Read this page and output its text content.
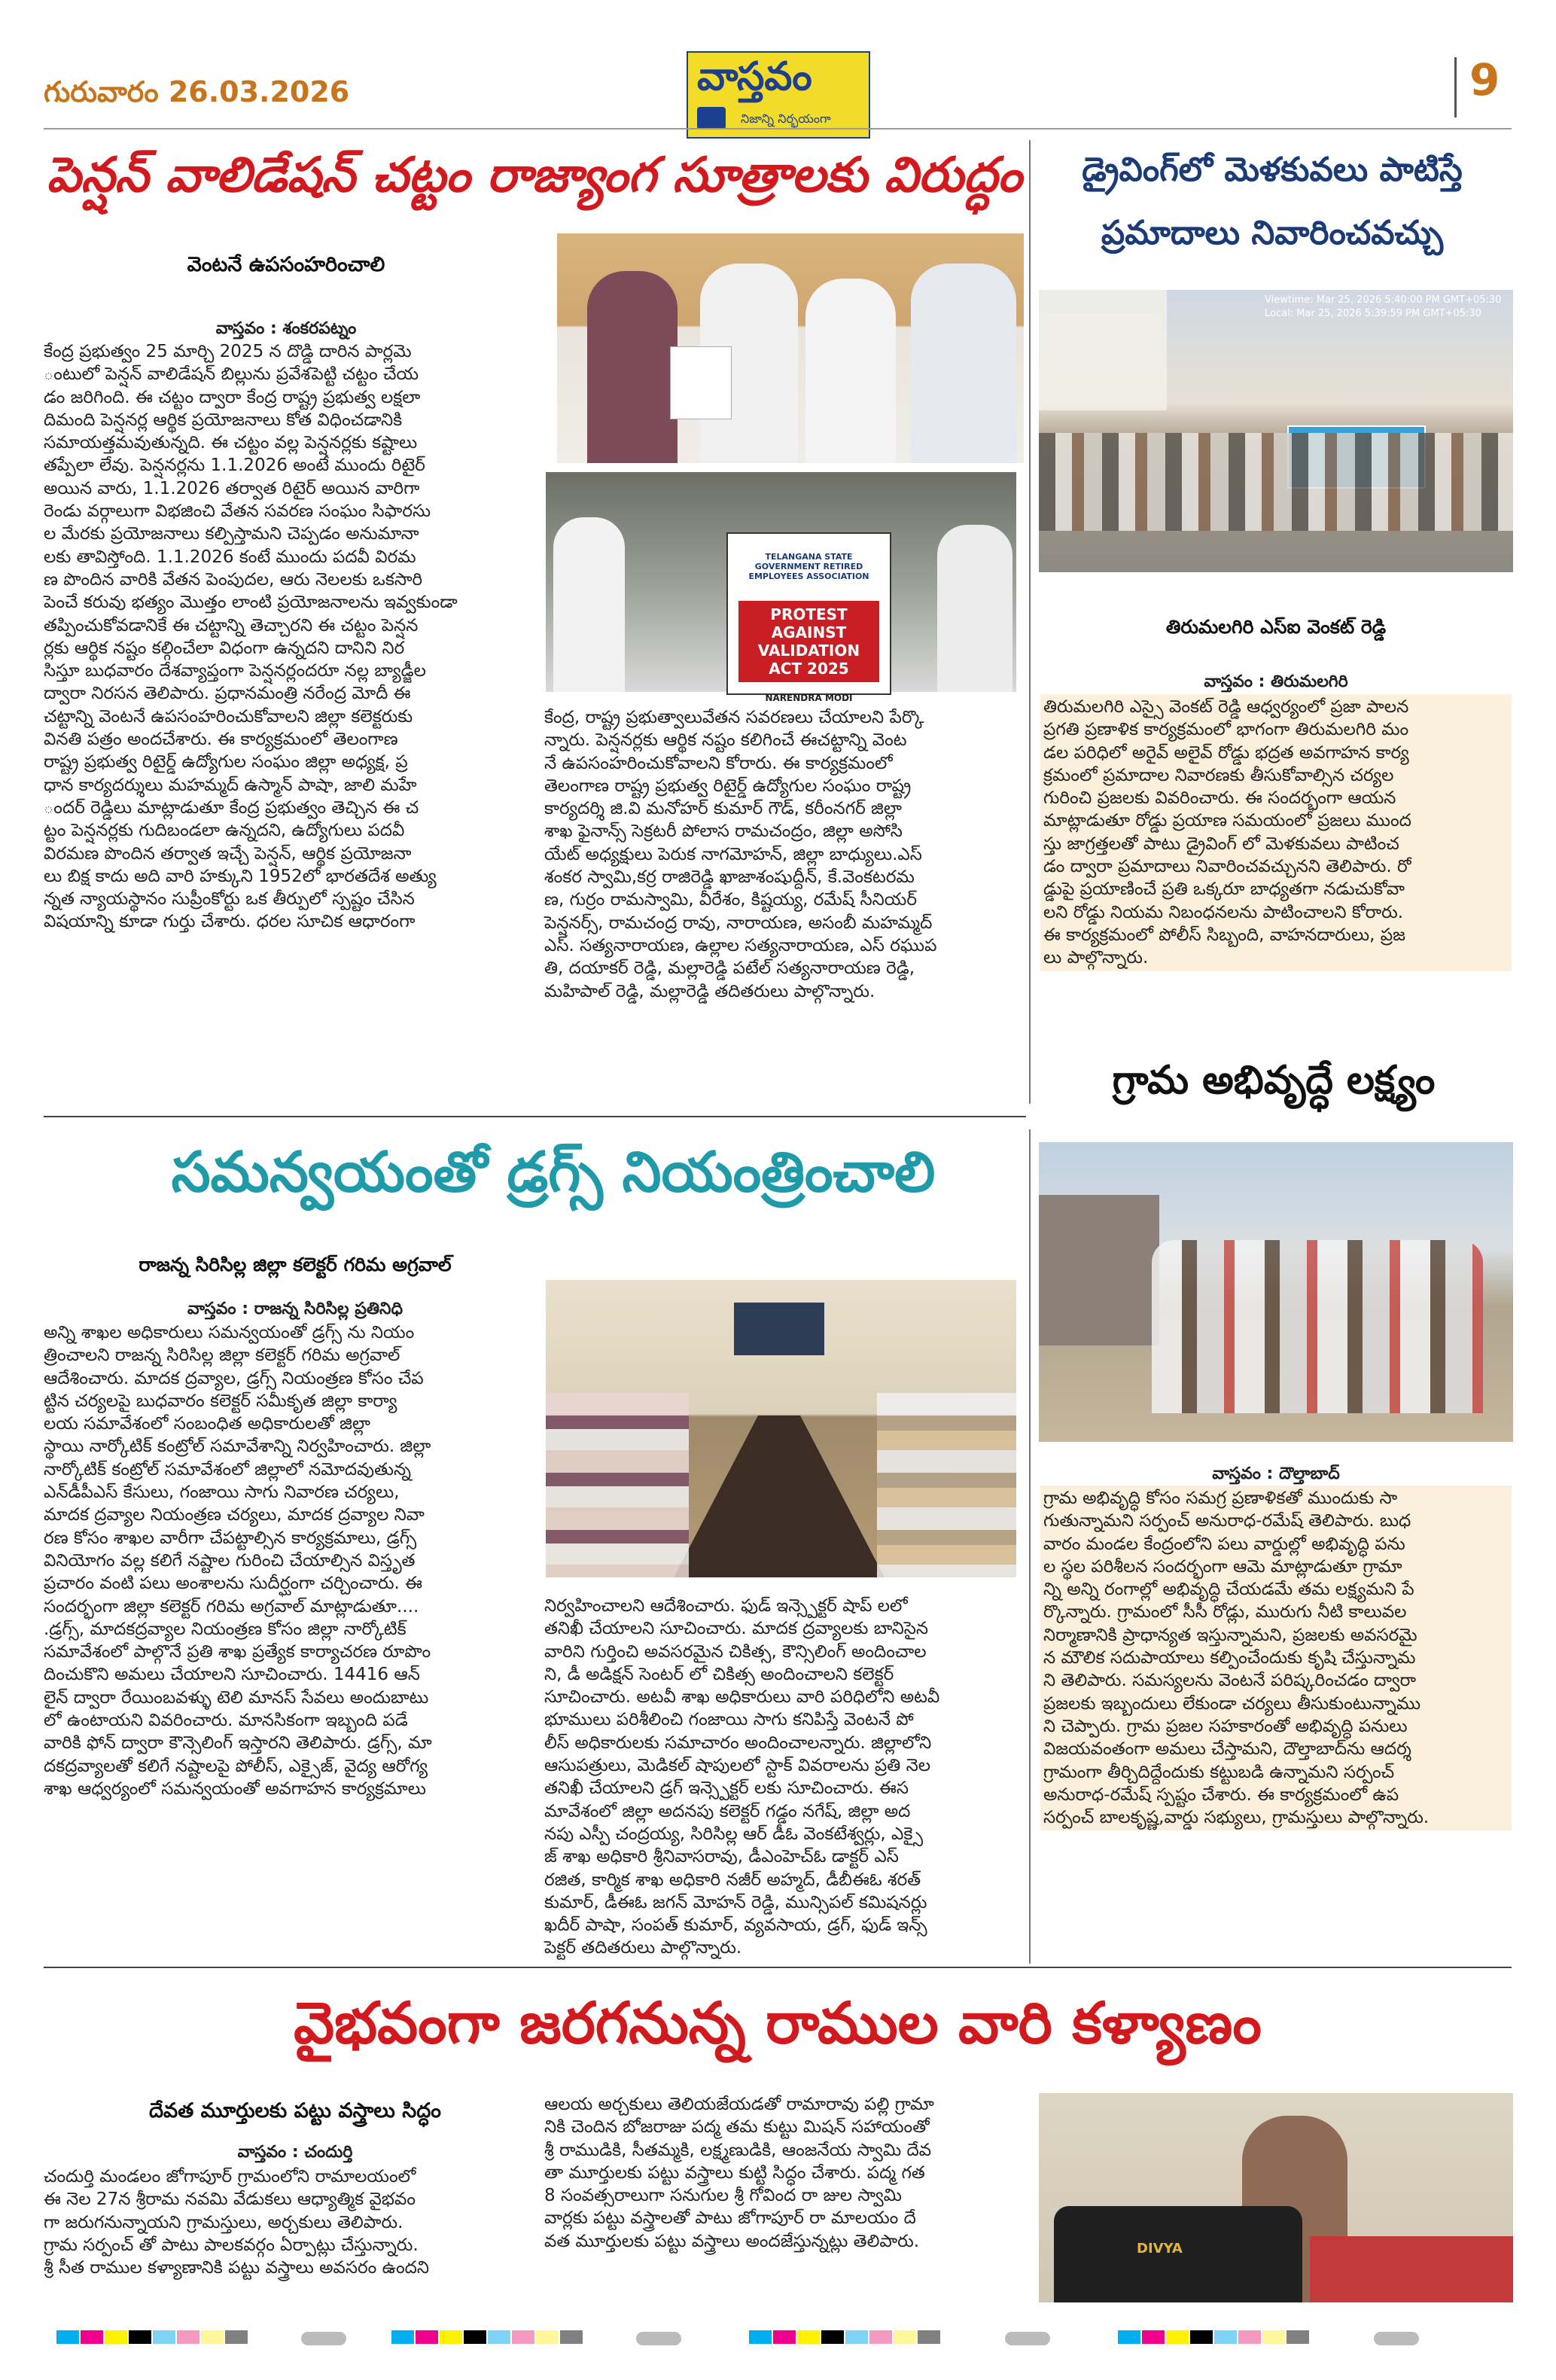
గురువారం 26.03.2026	వాస్తవం
నిజాన్ని నిర్భయంగా
9
పెన్షన్ వాలిడేషన్ చట్టం రాజ్యాంగ సూత్రాలకు విరుద్ధం
వెంటనే ఉపసంహరించాలి
వాస్తవం : శంకరపట్నం
కేంద్ర ప్రభుత్వం 25 మార్చి 2025 న దొడ్డి దారిన పార్లమె
ంటులో పెన్షన్ వాలిడేషన్ బిల్లును ప్రవేశపెట్టి చట్టం చేయ
డం జరిగింది. ఈ చట్టం ద్వారా కేంద్ర రాష్ట్ర ప్రభుత్వ లక్షలా
దిమంది పెన్షనర్ల ఆర్థిక ప్రయోజనాలు కోత విధించడానికి
సమాయత్తమవుతున్నది. ఈ చట్టం వల్ల పెన్షనర్లకు కష్టాలు
తప్పేలా లేవు. పెన్షనర్లను 1.1.2026 అంటే ముందు రిటైర్
అయిన వారు, 1.1.2026 తర్వాత రిటైర్ అయిన వారిగా
రెండు వర్గాలుగా విభజించి వేతన సవరణ సంఘం సిఫారసు
ల మేరకు ప్రయోజనాలు కల్పిస్తామని చెప్పడం అనుమానా
లకు తావిస్తోంది. 1.1.2026 కంటే ముందు పదవీ విరమ
ణ పొందిన వారికి వేతన పెంపుదల, ఆరు నెలలకు ఒకసారి
పెంచే కరువు భత్యం మొత్తం లాంటి ప్రయోజనాలను ఇవ్వకుండా
తప్పించుకోవడానికే ఈ చట్టాన్ని తెచ్చారని ఈ చట్టం పెన్షన
ర్లకు ఆర్థిక నష్టం కల్గించేలా విధంగా ఉన్నదని దానిని నిర
సిస్తూ బుధవారం దేశవ్యాప్తంగా పెన్షనర్లందరూ నల్ల బ్యాడ్జీల
ద్వారా నిరసన తెలిపారు. ప్రధానమంత్రి నరేంద్ర మోదీ ఈ
చట్టాన్ని వెంటనే ఉపసంహరించుకోవాలని జిల్లా కలెక్టరుకు
వినతి పత్రం అందచేశారు. ఈ కార్యక్రమంలో తెలంగాణ
రాష్ట్ర ప్రభుత్వ రిటైర్డ్ ఉద్యోగుల సంఘం జిల్లా అధ్యక్ష, ప్ర
ధాన కార్యదర్శులు మహమ్మద్ ఉస్మాన్ పాషా, జాలి మహే
ందర్ రెడ్డిలు మాట్లాడుతూ కేంద్ర ప్రభుత్వం తెచ్చిన ఈ చ
ట్టం పెన్షనర్లకు గుదిబండలా ఉన్నదని, ఉద్యోగులు పదవీ
విరమణ పొందిన తర్వాత ఇచ్చే పెన్షన్, ఆర్థిక ప్రయోజనా
లు బిక్ష కాదు అది వారి హక్కుని 1952లో భారతదేశ అత్యు
న్నత న్యాయస్థానం సుప్రీంకోర్టు ఒక తీర్పులో స్పష్టం చేసిన
విషయాన్ని కూడా గుర్తు చేశారు. ధరల సూచిక ఆధారంగా
TELANGANA STATE GOVERNMENT RETIRED EMPLOYEES ASSOCIATION
PROTEST AGAINST VALIDATION ACT 2025
NARENDRA MODI
కేంద్ర, రాష్ట్ర ప్రభుత్వాలువేతన సవరణలు చేయాలని పేర్కొ
న్నారు. పెన్షనర్లకు ఆర్థిక నష్టం కలిగించే ఈచట్టాన్ని వెంట
నే ఉపసంహరించుకోవాలని కోరారు. ఈ కార్యక్రమంలో
తెలంగాణ రాష్ట్ర ప్రభుత్వ రిటైర్డ్ ఉద్యోగుల సంఘం రాష్ట్ర
కార్యదర్శి జి.వి మనోహర్ కుమార్ గౌడ్, కరీంనగర్ జిల్లా
శాఖ ఫైనాన్స్ సెక్రటరీ పోలాస రామచంద్రం, జిల్లా అసోసి
యేట్ అధ్యక్షులు పెరుక నాగమోహన్, జిల్లా బాధ్యులు.ఎస్
శంకర స్వామి,కర్ర రాజిరెడ్డి ఖాజాశంషుద్దీన్, కే.వెంకటరమ
ణ, గుర్రం రామస్వామి, వీరేశం, కిష్టయ్య, రమేష్ సీనియర్
పెన్షనర్స్, రామచంద్ర రావు, నారాయణ, అసంబీ మహమ్మద్
ఎస్. సత్యనారాయణ, ఉల్లాల సత్యనారాయణ, ఎస్ రఘుప
తి, దయాకర్ రెడ్డి, మల్లారెడ్డి పటేల్ సత్యనారాయణ రెడ్డి,
మహిపాల్ రెడ్డి, మల్లారెడ్డి తదితరులు పాల్గొన్నారు.
డ్రైవింగ్‌లో మెళకువలు పాటిస్తే
ప్రమాదాలు నివారించవచ్చు
Viewtime: Mar 25, 2026 5:40:00 PM GMT+05:30
Local: Mar 25, 2026 5:39:59 PM GMT+05:30
తిరుమలగిరి ఎస్ఐ వెంకట్ రెడ్డి
వాస్తవం : తిరుమలగిరి
తిరుమలగిరి ఎస్సై వెంకట్ రెడ్డి ఆధ్వర్యంలో ప్రజా పాలన
ప్రగతి ప్రణాళిక కార్యక్రమంలో భాగంగా తిరుమలగిరి మం
డల పరిధిలో అరైవ్ అలైవ్ రోడ్డు భద్రత అవగాహన కార్య
క్రమంలో ప్రమాదాల నివారణకు తీసుకోవాల్సిన చర్యల
గురించి ప్రజలకు వివరించారు. ఈ సందర్భంగా ఆయన
మాట్లాడుతూ రోడ్డు ప్రయాణ సమయంలో ప్రజలు ముంద
స్తు జాగ్రత్తలతో పాటు డ్రైవింగ్ లో మెళకువలు పాటించ
డం ద్వారా ప్రమాదాలు నివారించవచ్చునని తెలిపారు. రో
డ్డుపై ప్రయాణించే ప్రతి ఒక్కరూ బాధ్యతగా నడుచుకోవా
లని రోడ్డు నియమ నిబంధనలను పాటించాలని కోరారు.
ఈ కార్యక్రమంలో పోలీస్ సిబ్బంది, వాహనదారులు, ప్రజ
లు పాల్గొన్నారు.
గ్రామ అభివృద్ధే లక్ష్యం
వాస్తవం : దౌల్తాబాద్
గ్రామ అభివృద్ధి కోసం సమగ్ర ప్రణాళికతో ముందుకు సా
గుతున్నామని సర్పంచ్ అనురాధ-రమేష్ తెలిపారు. బుధ
వారం మండల కేంద్రంలోని పలు వార్డుల్లో అభివృద్ధి పను
ల స్థల పరిశీలన సందర్భంగా ఆమె మాట్లాడుతూ గ్రామా
న్ని అన్ని రంగాల్లో అభివృద్ధి చేయడమే తమ లక్ష్యమని పే
ర్కొన్నారు. గ్రామంలో సీసీ రోడ్లు, మురుగు నీటి కాలువల
నిర్మాణానికి ప్రాధాన్యత ఇస్తున్నామని, ప్రజలకు అవసరమై
న మౌలిక సదుపాయాలు కల్పించేందుకు కృషి చేస్తున్నామ
ని తెలిపారు. సమస్యలను వెంటనే పరిష్కరించడం ద్వారా
ప్రజలకు ఇబ్బందులు లేకుండా చర్యలు తీసుకుంటున్నాము
ని చెప్పారు. గ్రామ ప్రజల సహకారంతో అభివృద్ధి పనులు
విజయవంతంగా అమలు చేస్తామని, దౌల్తాబాద్‌ను ఆదర్శ
గ్రామంగా తీర్చిదిద్దేందుకు కట్టుబడి ఉన్నామని సర్పంచ్
అనురాధ-రమేష్ స్పష్టం చేశారు. ఈ కార్యక్రమంలో ఉప
సర్పంచ్ బాలకృష్ణ,వార్డు సభ్యులు, గ్రామస్తులు పాల్గొన్నారు.
సమన్వయంతో డ్రగ్స్ నియంత్రించాలి
రాజన్న సిరిసిల్ల జిల్లా కలెక్టర్ గరిమ అగ్రవాల్
వాస్తవం : రాజన్న సిరిసిల్ల ప్రతినిధి
అన్ని శాఖల అధికారులు సమన్వయంతో డ్రగ్స్ ను నియం
త్రించాలని రాజన్న సిరిసిల్ల జిల్లా కలెక్టర్ గరిమ అగ్రవాల్
ఆదేశించారు. మాదక ద్రవ్యాల, డ్రగ్స్ నియంత్రణ కోసం చేప
ట్టిన చర్యలపై బుధవారం కలెక్టర్ సమీకృత జిల్లా కార్యా
లయ సమావేశంలో సంబంధిత అధికారులతో జిల్లా
స్థాయి నార్కోటిక్ కంట్రోల్ సమావేశాన్ని నిర్వహించారు. జిల్లా
నార్కోటిక్ కంట్రోల్ సమావేశంలో జిల్లాలో నమోదవుతున్న
ఎన్‌డీపీఎస్ కేసులు, గంజాయి సాగు నివారణ చర్యలు,
మాదక ద్రవ్యాల నియంత్రణ చర్యలు, మాదక ద్రవ్యాల నివా
రణ కోసం శాఖల వారీగా చేపట్టాల్సిన కార్యక్రమాలు, డ్రగ్స్
వినియోగం వల్ల కలిగే నష్టాల గురించి చేయాల్సిన విస్తృత
ప్రచారం వంటి పలు అంశాలను సుదీర్ఘంగా చర్చించారు. ఈ
సందర్భంగా జిల్లా కలెక్టర్ గరిమ అగ్రవాల్ మాట్లాడుతూ....
.డ్రగ్స్, మాదకద్రవ్యాల నియంత్రణ కోసం జిల్లా నార్కోటిక్
సమావేశంలో పాల్గొనే ప్రతి శాఖ ప్రత్యేక కార్యాచరణ రూపొం
దించుకొని అమలు చేయాలని సూచించారు. 14416 ఆన్
లైన్ ద్వారా రేయింబవళ్ళు టెలి మానస్ సేవలు అందుబాటు
లో ఉంటాయని వివరించారు. మానసికంగా ఇబ్బంది పడే
వారికి ఫోన్ ద్వారా కౌన్సెలింగ్ ఇస్తారని తెలిపారు. డ్రగ్స్, మా
దకద్రవ్యాలతో కలిగే నష్టాలపై పోలీస్, ఎక్సైజ్, వైద్య ఆరోగ్య
శాఖ ఆధ్వర్యంలో సమన్వయంతో అవగాహన కార్యక్రమాలు
నిర్వహించాలని ఆదేశించారు. ఫుడ్ ఇన్స్పెక్టర్ షాప్ లలో
తనిఖీ చేయాలని సూచించారు. మాదక ద్రవ్యాలకు బానిసైన
వారిని గుర్తించి అవసరమైన చికిత్స, కౌన్సిలింగ్ అందించాల
ని, డీ అడిక్షన్ సెంటర్ లో చికిత్స అందించాలని కలెక్టర్
సూచించారు. అటవీ శాఖ అధికారులు వారి పరిధిలోని అటవీ
భూములు పరిశీలించి గంజాయి సాగు కనిపిస్తే వెంటనే పో
లీస్ అధికారులకు సమాచారం అందించాలన్నారు. జిల్లాలోని
ఆసుపత్రులు, మెడికల్ షాపులలో స్టాక్ వివరాలను ప్రతి నెల
తనిఖీ చేయాలని డ్రగ్ ఇన్స్పెక్టర్ లకు సూచించారు. ఈస
మావేశంలో జిల్లా అదనపు కలెక్టర్ గడ్డం నగేష్, జిల్లా అద
నపు ఎస్పీ చంద్రయ్య, సిరిసిల్ల ఆర్ డీఓ వెంకటేశ్వర్లు, ఎక్సై
జ్ శాఖ అధికారి శ్రీనివాసరావు, డీఎంహెచ్ఓ డాక్టర్ ఎస్
రజిత, కార్మిక శాఖ అధికారి నజీర్ అహ్మద్, డీబీఈఓ శరత్
కుమార్, డీఈఓ జగన్ మోహన్ రెడ్డి, మున్సిపల్ కమిషనర్లు
ఖదీర్ పాషా, సంపత్ కుమార్, వ్యవసాయ, డ్రగ్, ఫుడ్ ఇన్స్
పెక్టర్ తదితరులు పాల్గొన్నారు.
వైభవంగా జరగనున్న రాముల వారి కళ్యాణం
దేవత మూర్తులకు పట్టు వస్త్రాలు సిద్ధం
వాస్తవం : చందుర్తి
చందుర్తి మండలం జోగాపూర్ గ్రామంలోని రామాలయంలో
ఈ నెల 27న శ్రీరామ నవమి వేడుకలు ఆధ్యాత్మిక వైభవం
గా జరుగనున్నాయని గ్రామస్తులు, అర్చకులు తెలిపారు.
గ్రామ సర్పంచ్ తో పాటు పాలకవర్గం ఏర్పాట్లు చేస్తున్నారు.
శ్రీ సీత రాముల కళ్యాణానికి పట్టు వస్త్రాలు అవసరం ఉందని
ఆలయ అర్చకులు తెలియజేయడతో రామారావు పల్లి గ్రామా
నికి చెందిన బోజరాజు పద్మ తమ కుట్టు మిషన్ సహాయంతో
శ్రీ రాముడికి, సీతమ్మకి, లక్ష్మణుడికి, ఆంజనేయ స్వామి దేవ
తా మూర్తులకు పట్టు వస్త్రాలు కుట్టి సిద్ధం చేశారు. పద్మ గత
8 సంవత్సరాలుగా సనుగుల శ్రీ గోవింద రా జుల స్వామి
వార్లకు పట్టు వస్త్రాలతో పాటు జోగాపూర్ రా మాలయం దే
వత మూర్తులకు పట్టు వస్త్రాలు అందజేస్తున్నట్లు తెలిపారు.	DIVYA
